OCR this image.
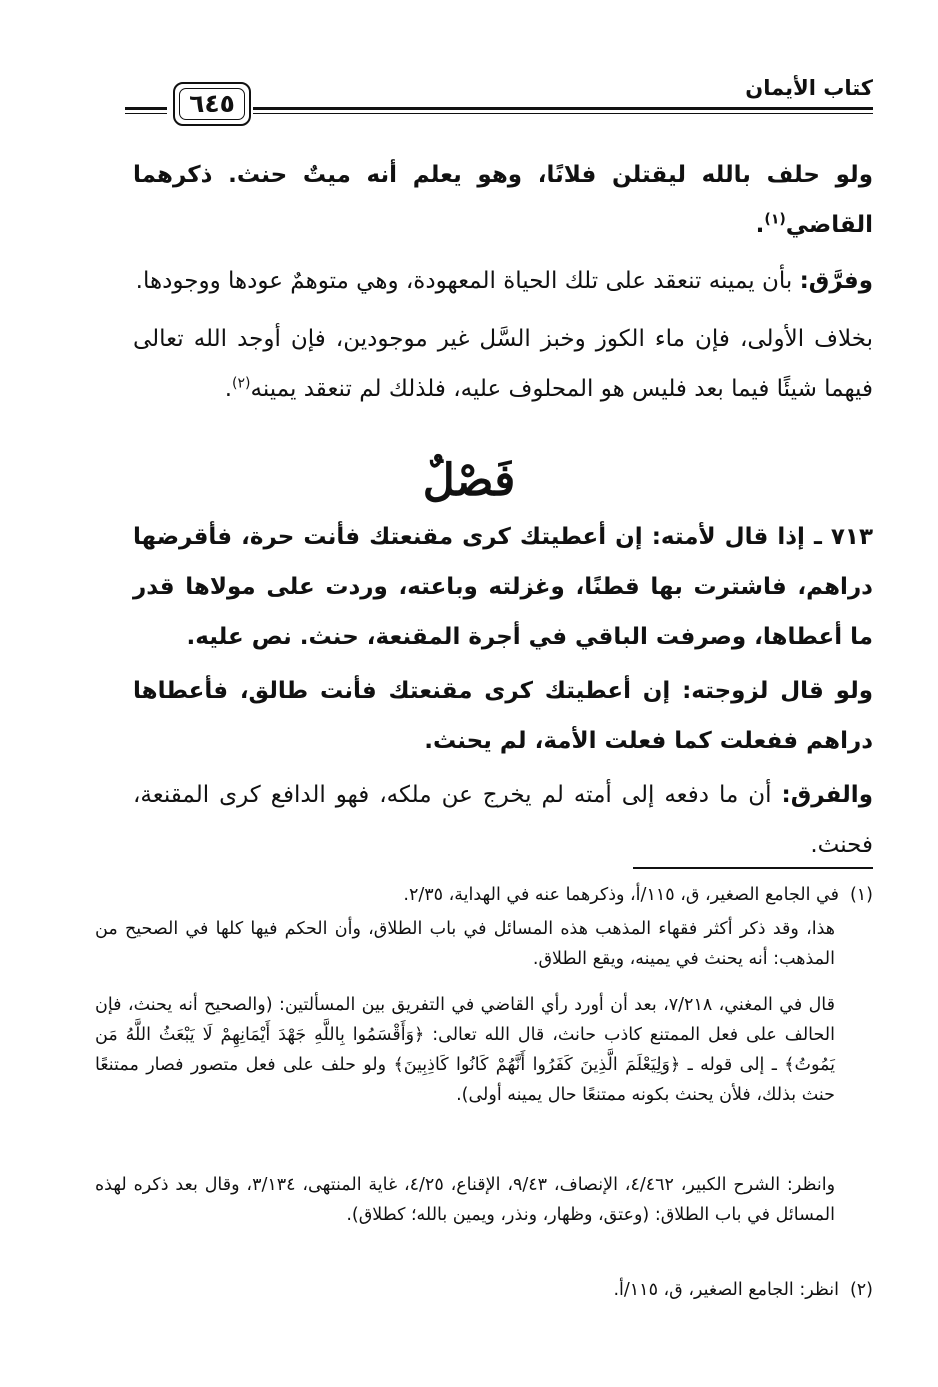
كتاب الأيمان
٦٤٥

ولو حلف بالله ليقتلن فلانًا، وهو يعلم أنه ميتٌ حنث. ذكرهما القاضي$^{(١)}$.

وفرَّق: بأن يمينه تنعقد على تلك الحياة المعهودة، وهي متوهمٌ عودها ووجودها.

بخلاف الأولى، فإن ماء الكوز وخبز السَّل غير موجودين، فإن أوجد الله تعالى فيهما شيئًا فيما بعد فليس هو المحلوف عليه، فلذلك لم تنعقد يمينه$^{(٢)}$.

فَصْلٌ

٧١٣ ـ إذا قال لأمته: إن أعطيتك كرى مقنعتك فأنت حرة، فأقرضها دراهم، فاشترت بها قطنًا، وغزلته وباعته، وردت على مولاها قدر ما أعطاها، وصرفت الباقي في أجرة المقنعة، حنث. نص عليه.

ولو قال لزوجته: إن أعطيتك كرى مقنعتك فأنت طالق، فأعطاها دراهم ففعلت كما فعلت الأمة، لم يحنث.

والفرق: أن ما دفعه إلى أمته لم يخرج عن ملكه، فهو الدافع كرى المقنعة، فحنث.

(١)في الجامع الصغير، ق، ١١٥/أ، وذكرهما عنه في الهداية، ٢/٣٥.

هذا، وقد ذكر أكثر فقهاء المذهب هذه المسائل في باب الطلاق، وأن الحكم فيها كلها في الصحيح من المذهب: أنه يحنث في يمينه، ويقع الطلاق.

قال في المغني، ٧/٢١٨، بعد أن أورد رأي القاضي في التفريق بين المسألتين: (والصحيح أنه يحنث، فإن الحالف على فعل الممتنع كاذب حانث، قال الله تعالى: ﴿وَأَقْسَمُوا بِاللَّهِ جَهْدَ أَيْمَانِهِمْ لَا يَبْعَثُ اللَّهُ مَن يَمُوتُ﴾ ـ إلى قوله ـ ﴿وَلِيَعْلَمَ الَّذِينَ كَفَرُوا أَنَّهُمْ كَانُوا كَاذِبِينَ﴾ ولو حلف على فعل متصور فصار ممتنعًا حنث بذلك، فلأن يحنث بكونه ممتنعًا حال يمينه أولى).

وانظر: الشرح الكبير، ٤/٤٦٢، الإنصاف، ٩/٤٣، الإقناع، ٤/٢٥، غاية المنتهى، ٣/١٣٤، وقال بعد ذكره لهذه المسائل في باب الطلاق: (وعتق، وظهار، ونذر، ويمين بالله؛ كطلاق).

(٢)انظر: الجامع الصغير، ق، ١١٥/أ.
